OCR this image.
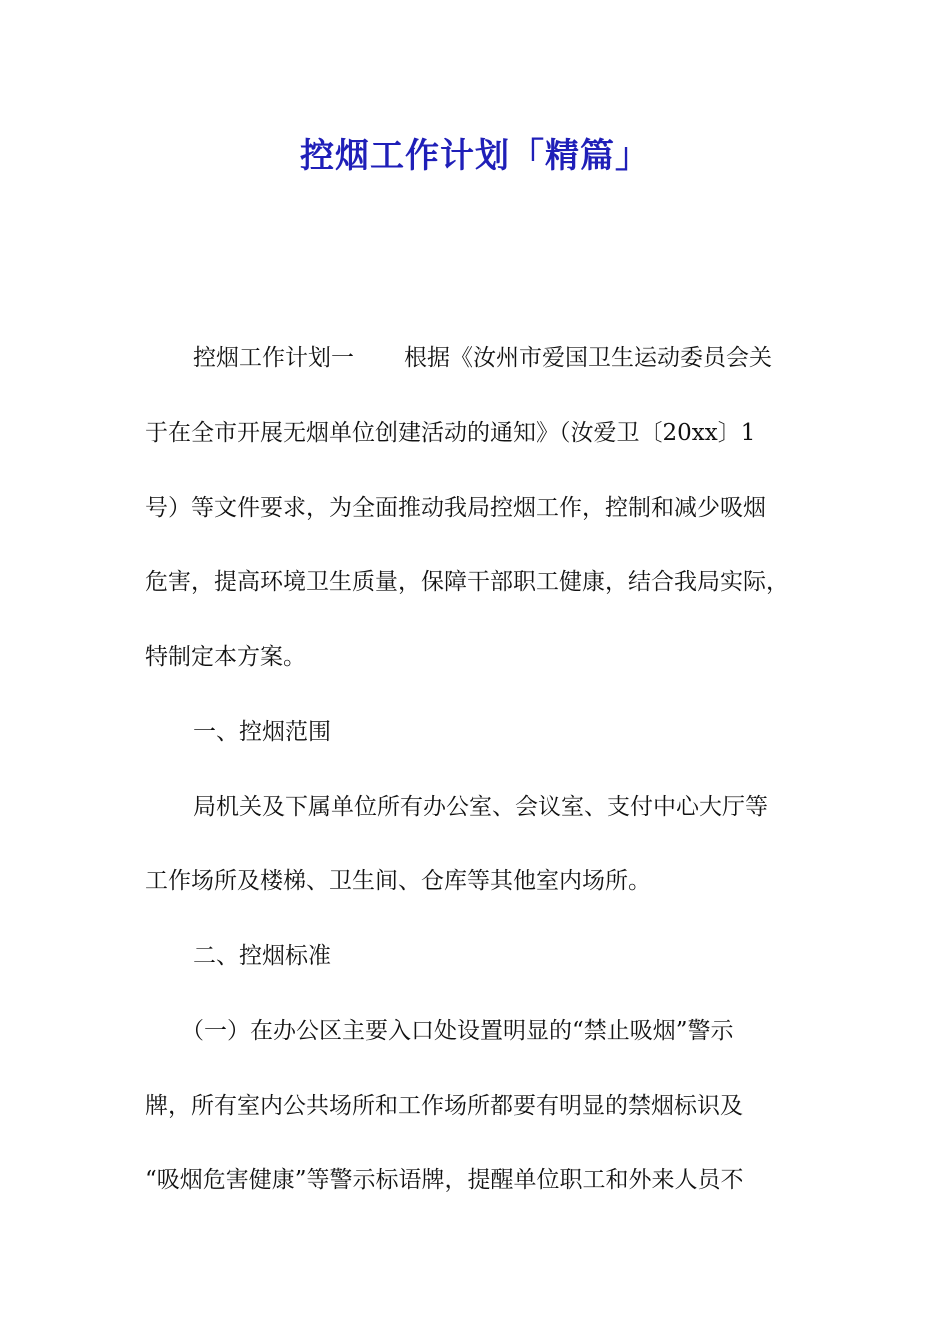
控烟工作计划「精篇」
控烟工作计划一 根据《汝州市爱国卫生运动委员会关
于在全市开展无烟单位创建活动的通知》（汝爱卫〔20xx〕1
号）等文件要求，为全面推动我局控烟工作，控制和减少吸烟
危害，提高环境卫生质量，保障干部职工健康，结合我局实际，
特制定本方案。
一、控烟范围
局机关及下属单位所有办公室、会议室、支付中心大厅等
工作场所及楼梯、卫生间、仓库等其他室内场所。
二、控烟标准
（一）在办公区主要入口处设置明显的“禁止吸烟”警示
牌，所有室内公共场所和工作场所都要有明显的禁烟标识及
“吸烟危害健康”等警示标语牌，提醒单位职工和外来人员不
